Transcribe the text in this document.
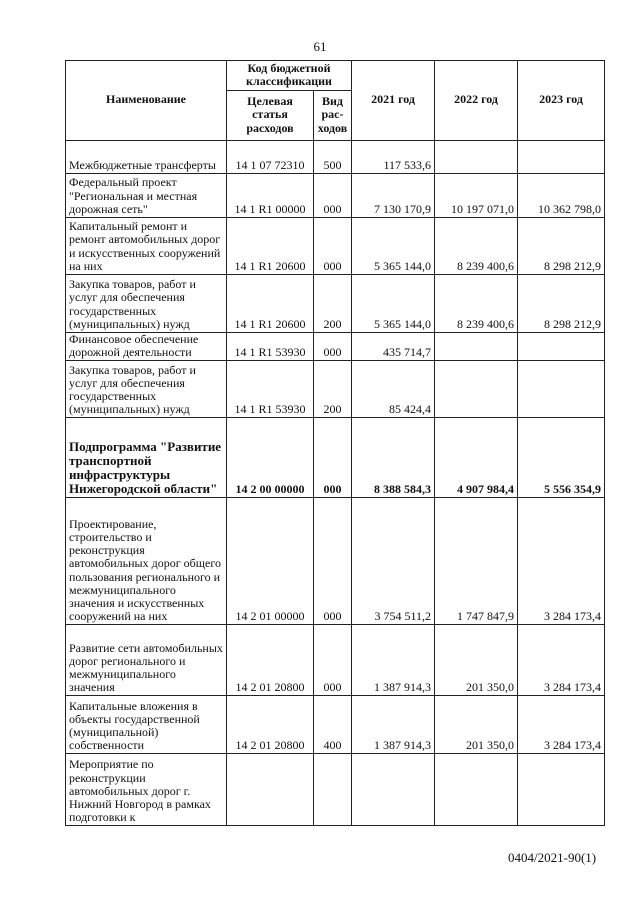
61
Наименование	Код бюджетной классификации		2021 год	2022 год	2023 год
	Целевая статья расходов	Вид рас-ходов			
Межбюджетные трансферты	14 1 07 72310	500	117 533,6		
Федеральный проект "Региональная и местная дорожная сеть"	14 1 R1 00000	000	7 130 170,9	10 197 071,0	10 362 798,0
Капитальный ремонт и ремонт автомобильных дорог и искусственных сооружений на них	14 1 R1 20600	000	5 365 144,0	8 239 400,6	8 298 212,9
Закупка товаров, работ и услуг для обеспечения государственных (муниципальных) нужд	14 1 R1 20600	200	5 365 144,0	8 239 400,6	8 298 212,9
Финансовое обеспечение дорожной деятельности	14 1 R1 53930	000	435 714,7		
Закупка товаров, работ и услуг для обеспечения государственных (муниципальных) нужд	14 1 R1 53930	200	85 424,4		
Подпрограмма "Развитие транспортной инфраструктуры Нижегородской области"	14 2 00 00000	000	8 388 584,3	4 907 984,4	5 556 354,9
Проектирование, строительство и реконструкция автомобильных дорог общего пользования регионального и межмуниципального значения и искусственных сооружений на них	14 2 01 00000	000	3 754 511,2	1 747 847,9	3 284 173,4
Развитие сети автомобильных дорог регионального и межмуниципального значения	14 2 01 20800	000	1 387 914,3	201 350,0	3 284 173,4
Капитальные вложения в объекты государственной (муниципальной) собственности	14 2 01 20800	400	1 387 914,3	201 350,0	3 284 173,4
Мероприятие по реконструкции автомобильных дорог г. Нижний Новгород в рамках подготовки к					
0404/2021-90(1)
